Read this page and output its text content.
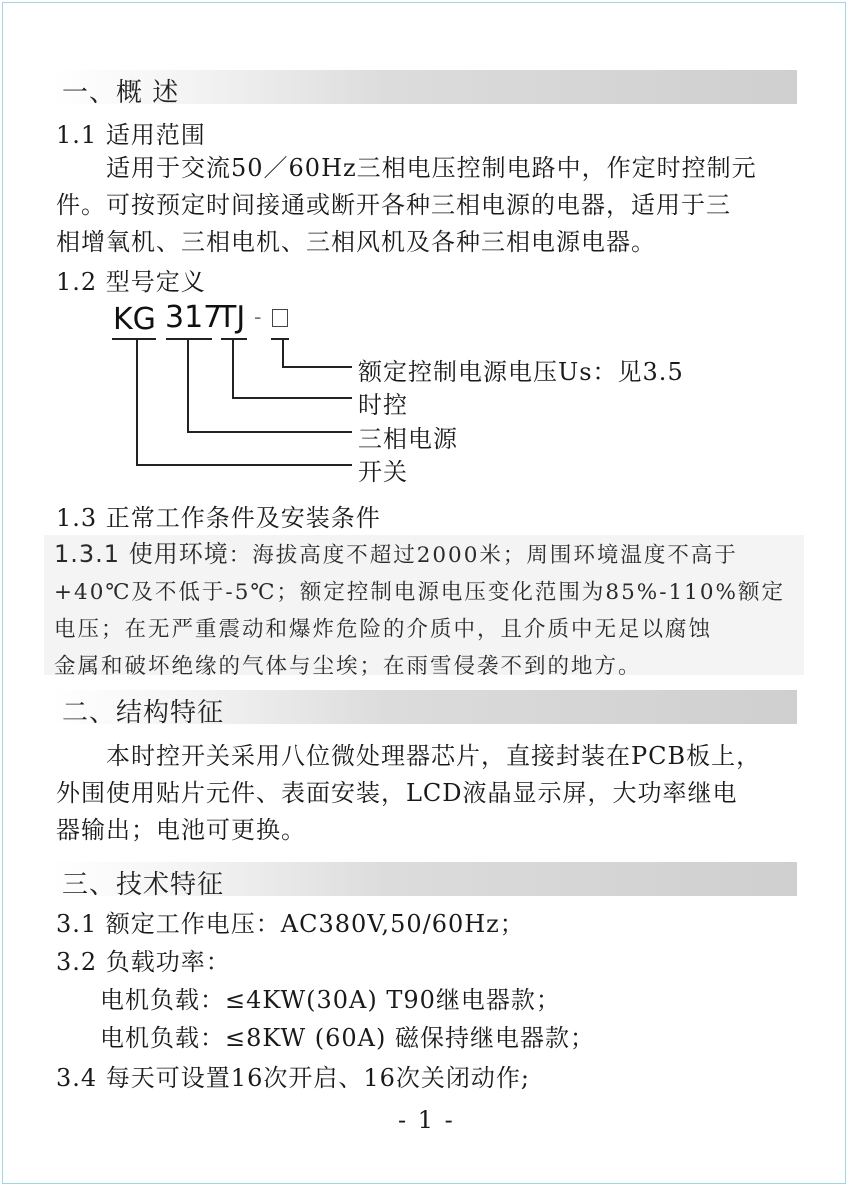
一、概 述
1.1 适用范围
适用于交流50／60Hz三相电压控制电路中，作定时控制元
件。可按预定时间接通或断开各种三相电源的电器，适用于三
相增氧机、三相电机、三相风机及各种三相电源电器。
1.2 型号定义
KG 317
TJ -
额定控制电源电压Us：见3.5
时控
三相电源
开关
1.3 正常工作条件及安装条件
1.3.1 使用环境：海拔高度不超过2000米；周围环境温度不高于
+40℃及不低于-5℃；额定控制电源电压变化范围为85%-110%额定
电压；在无严重震动和爆炸危险的介质中，且介质中无足以腐蚀
金属和破坏绝缘的气体与尘埃；在雨雪侵袭不到的地方。
二、结构特征
本时控开关采用八位微处理器芯片，直接封装在PCB板上，
外围使用贴片元件、表面安装，LCD液晶显示屏，大功率继电
器输出；电池可更换。
三、技术特征
3.1 额定工作电压：AC380V,50/60Hz；
3.2 负载功率：
电机负载：≤4KW(30A) T90继电器款；
电机负载：≤8KW (60A) 磁保持继电器款；
3.4 每天可设置16次开启、16次关闭动作;
- 1 -
